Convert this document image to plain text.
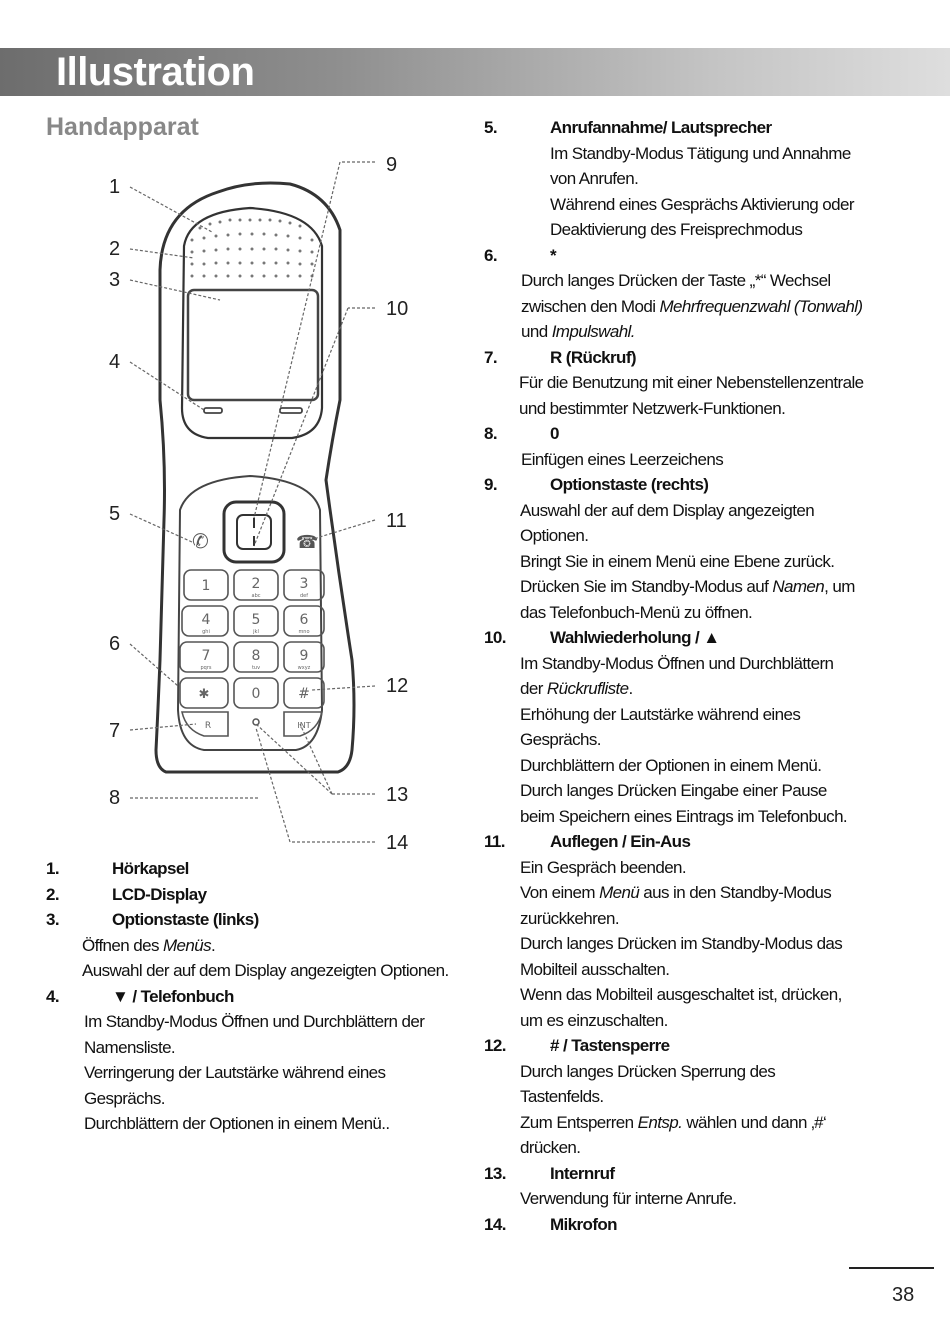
Illustration
Handapparat
✆	☎
1	2	3
4	5	6
7	8	9
✱	0	#
abc	def
ghi	jkl	mno
pqrs	tuv	wxyz
R	INT
1
2
3
4
5
6
7
8
9
10
11
12
13
14
1.	Hörkapsel
2.	LCD-Display
3.	Optionstaste (links)
Öffnen des Menüs.
Auswahl der auf dem Display angezeigten Optionen.
4.	▼ / Telefonbuch
Im Standby-Modus Öffnen und Durchblättern der
Namensliste.
Verringerung der Lautstärke während eines
Gesprächs.
Durchblättern der Optionen in einem Menü..
5.	Anrufannahme/ Lautsprecher
Im Standby-Modus Tätigung und Annahme
von Anrufen.
Während eines Gesprächs Aktivierung oder
Deaktivierung des Freisprechmodus
6.	*
Durch langes Drücken der Taste „*“ Wechsel
zwischen den Modi Mehrfrequenzwahl (Tonwahl)
und Impulswahl.
7.	R (Rückruf)
Für die Benutzung mit einer Nebenstellenzentrale
und bestimmter Netzwerk-Funktionen.
8.	0
Einfügen eines Leerzeichens
9.	Optionstaste (rechts)
Auswahl der auf dem Display angezeigten
Optionen.
Bringt Sie in einem Menü eine Ebene zurück.
Drücken Sie im Standby-Modus auf Namen, um
das Telefonbuch-Menü zu öffnen.
10.	Wahlwiederholung / ▲
Im Standby-Modus Öffnen und Durchblättern
der Rückrufliste.
Erhöhung der Lautstärke während eines
Gesprächs.
Durchblättern der Optionen in einem Menü.
Durch langes Drücken Eingabe einer Pause
beim Speichern eines Eintrags im Telefonbuch.
11.	Auflegen / Ein-Aus
Ein Gespräch beenden.
Von einem Menü aus in den Standby-Modus
zurückkehren.
Durch langes Drücken im Standby-Modus das
Mobilteil ausschalten.
Wenn das Mobilteil ausgeschaltet ist, drücken,
um es einzuschalten.
12.	# / Tastensperre
Durch langes Drücken Sperrung des
Tastenfelds.
Zum Entsperren Entsp. wählen und dann ‚#‘
drücken.
13.	Internruf
Verwendung für interne Anrufe.
14.	Mikrofon
38
